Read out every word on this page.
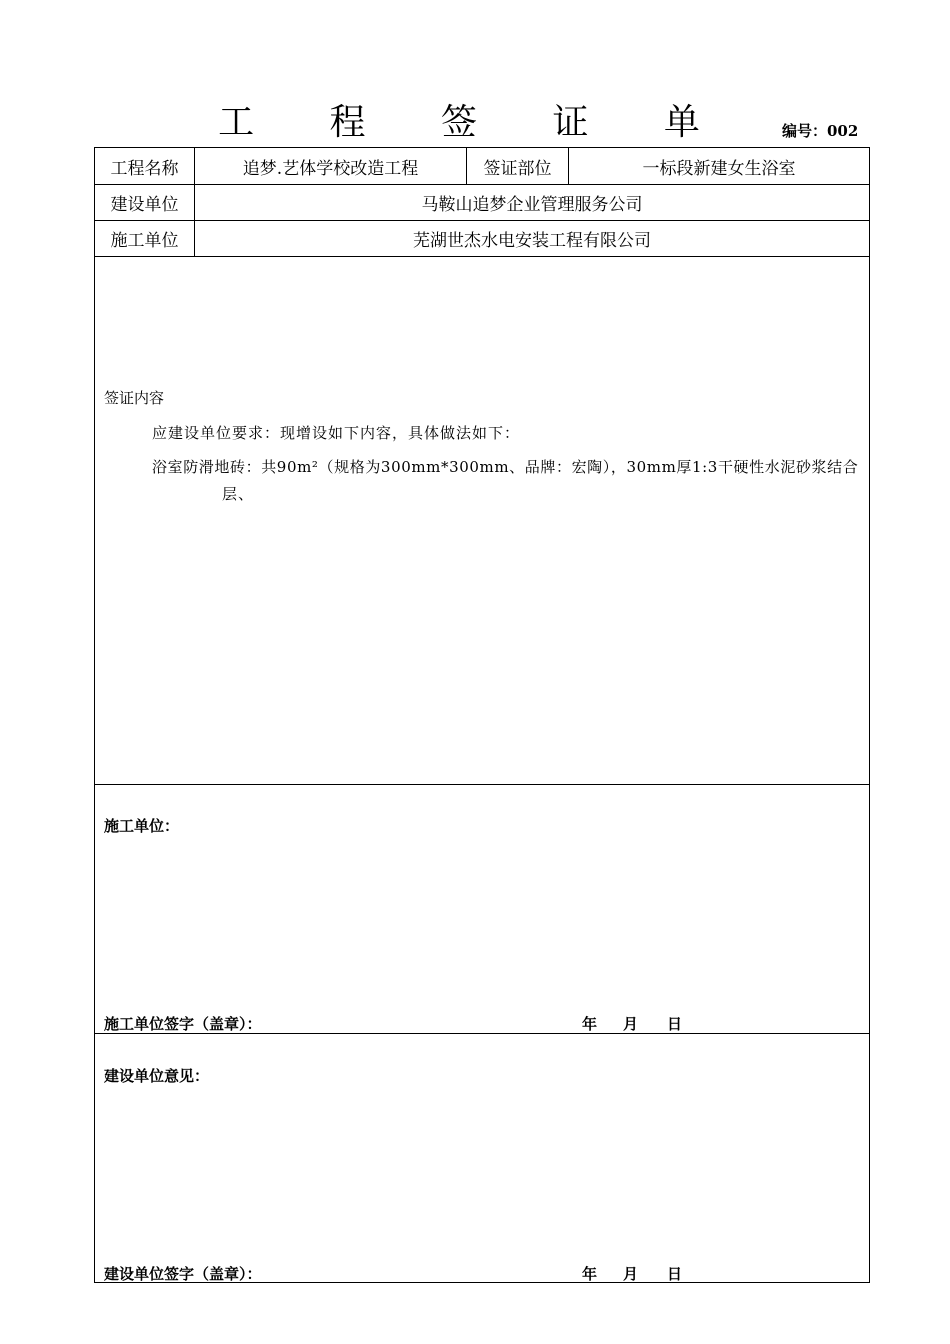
工 程 签 证 单	编号：002
工程名称	追梦.艺体学校改造工程	签证部位	一标段新建女生浴室
建设单位	马鞍山追梦企业管理服务公司
施工单位	芜湖世杰水电安装工程有限公司
签证内容
应建设单位要求：现增设如下内容，具体做法如下：
浴室防滑地砖：共90m²（规格为300mm*300mm、品牌：宏陶），30mm厚1:3干硬性水泥砂浆结合
层、
施工单位：
施工单位签字（盖章）：	年 月 日
建设单位意见：
建设单位签字（盖章）：	年 月 日
